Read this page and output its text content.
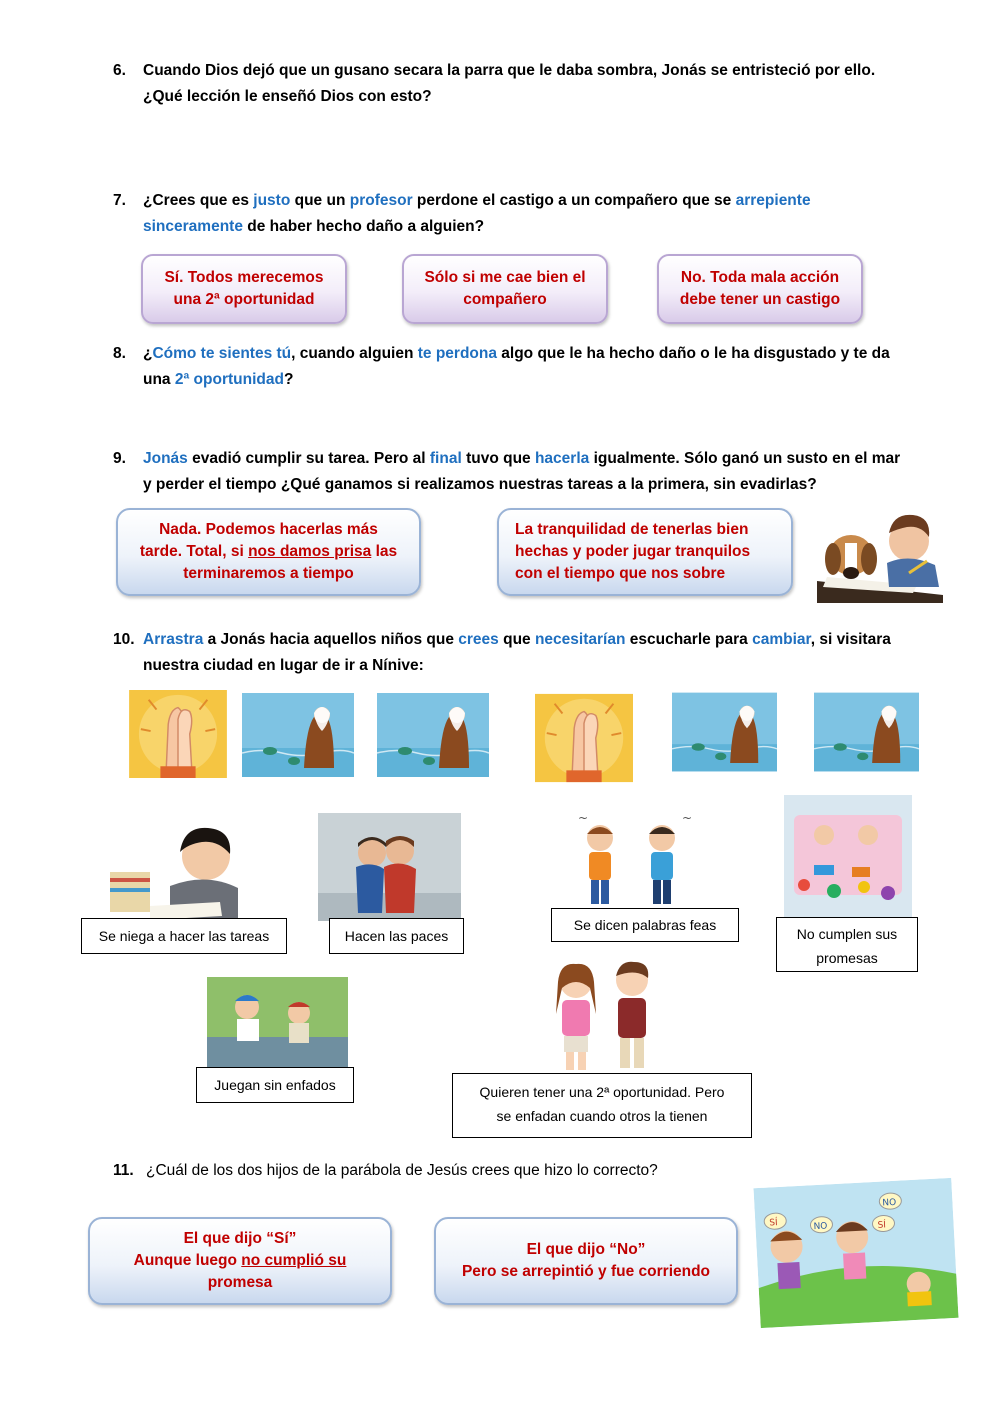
6. Cuando Dios dejó que un gusano secara la parra que le daba sombra, Jonás se entristeció por ello.
¿Qué lección le enseñó Dios con esto?
7. ¿Crees que es justo que un profesor perdone el castigo a un compañero que se arrepiente
sinceramente de haber hecho daño a alguien?
Sí. Todos merecemos
una 2ª oportunidad
Sólo si me cae bien el
compañero
No. Toda mala acción
debe tener un castigo
8. ¿Cómo te sientes tú, cuando alguien te perdona algo que le ha hecho daño o le ha disgustado y te da
una 2ª oportunidad?
9. Jonás evadió cumplir su tarea. Pero al final tuvo que hacerla igualmente. Sólo ganó un susto en el mar
y perder el tiempo ¿Qué ganamos si realizamos nuestras tareas a la primera, sin evadirlas?
Nada. Podemos hacerlas más
tarde. Total, si nos damos prisa las
terminaremos a tiempo
La tranquilidad de tenerlas bien
hechas y poder jugar tranquilos
con el tiempo que nos sobre
10. Arrastra a Jonás hacia aquellos niños que crees que necesitarían escucharle para cambiar, si visitara
nuestra ciudad en lugar de ir a Nínive:
~	~
Se niega a hacer las tareas	Hacen las paces
Se dicen palabras feas
No cumplen sus
promesas
Juegan sin enfados	Quieren tener una 2ª oportunidad. Pero
se enfadan cuando otros la tienen
11. ¿Cuál de los dos hijos de la parábola de Jesús crees que hizo lo correcto?
El que dijo “Sí”
Aunque luego no cumplió su
promesa
El que dijo “No”
Pero se arrepintió y fue corriendo
SÍ	NO	SÍ
NO
